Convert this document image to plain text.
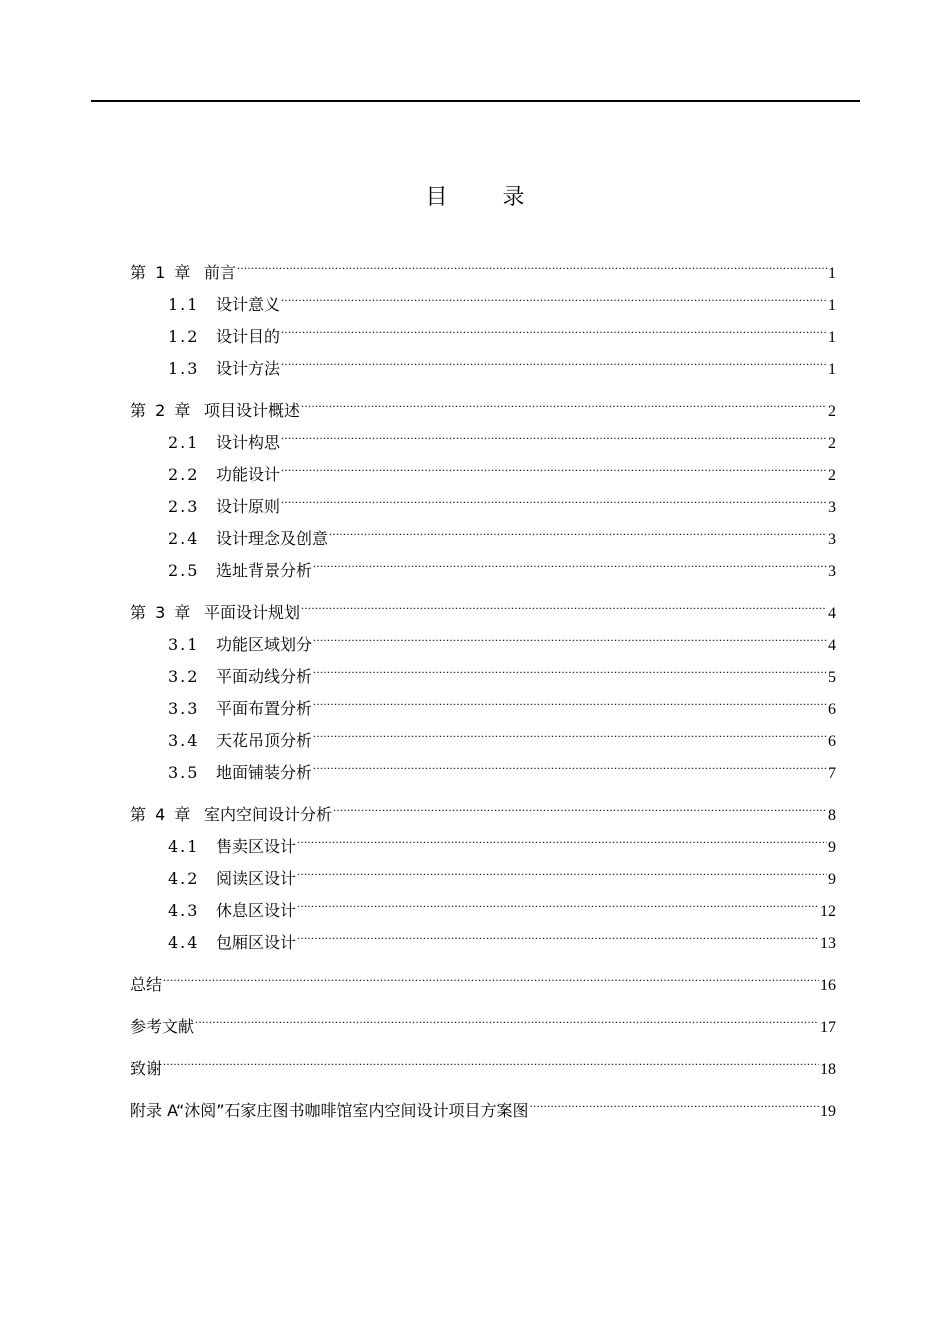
目 录
第 1 章 前言 .....	1
1.1	设计意义 .....	1
1.2	设计目的 .....	1
1.3	设计方法 .....	1
第 2 章 项目设计概述 .....	2
2.1	设计构思 .....	2
2.2	功能设计 .....	2
2.3	设计原则 .....	3
2.4	设计理念及创意 .....	3
2.5	选址背景分析 .....	3
第 3 章 平面设计规划 .....	4
3.1	功能区域划分 .....	4
3.2	平面动线分析 .....	5
3.3	平面布置分析 .....	6
3.4	天花吊顶分析 .....	6
3.5	地面铺装分析 .....	7
第 4 章 室内空间设计分析 .....	8
4.1	售卖区设计 .....	9
4.2	阅读区设计 .....	9
4.3	休息区设计 .....	12
4.4	包厢区设计 .....	13
总结 .....	16
参考文献 .....	17
致谢 .....	18
附录 A“沐阅”石家庄图书咖啡馆室内空间设计项目方案图 .....	19
